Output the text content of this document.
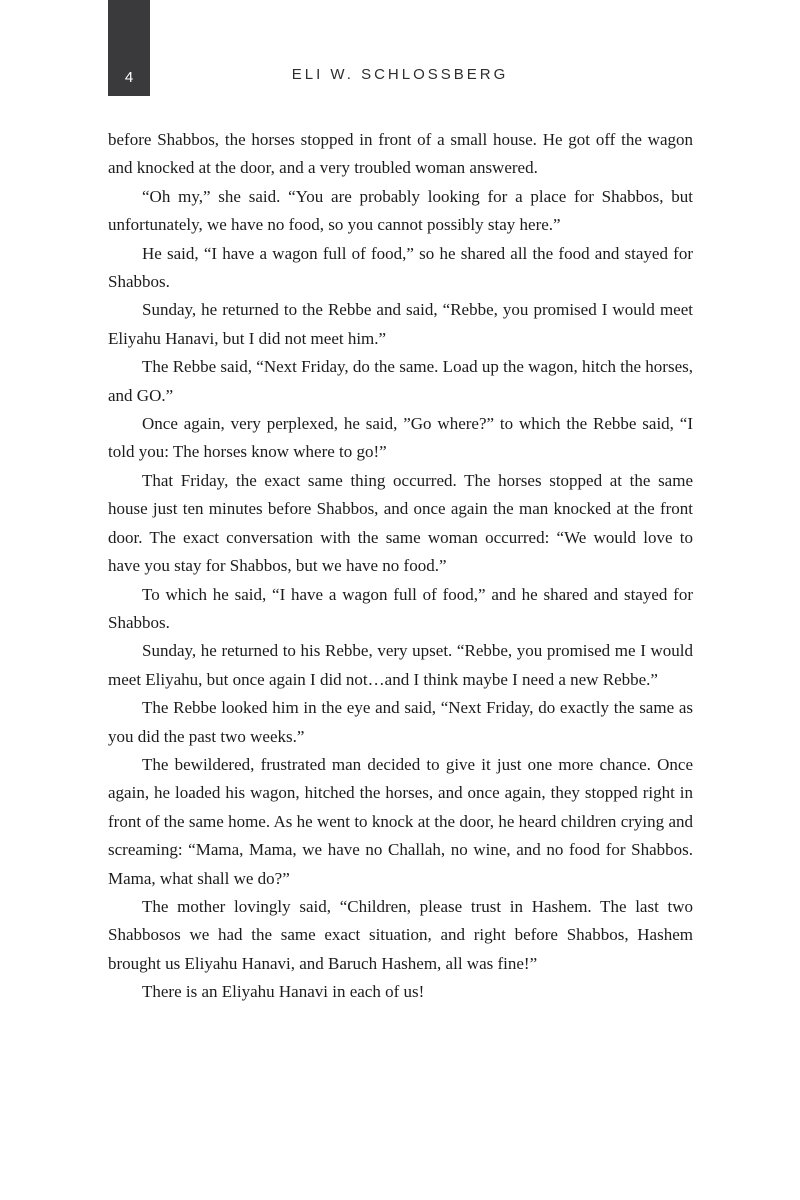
4	ELI W. SCHLOSSBERG

before Shabbos, the horses stopped in front of a small house. He got off the wagon and knocked at the door, and a very troubled woman answered.

“Oh my,” she said. “You are probably looking for a place for Shabbos, but unfortunately, we have no food, so you cannot possibly stay here.”

He said, “I have a wagon full of food,” so he shared all the food and stayed for Shabbos.

Sunday, he returned to the Rebbe and said, “Rebbe, you promised I would meet Eliyahu Hanavi, but I did not meet him.”

The Rebbe said, “Next Friday, do the same. Load up the wagon, hitch the horses, and GO.”

Once again, very perplexed, he said, ”Go where?” to which the Rebbe said, “I told you: The horses know where to go!”

That Friday, the exact same thing occurred. The horses stopped at the same house just ten minutes before Shabbos, and once again the man knocked at the front door. The exact conversation with the same woman occurred: “We would love to have you stay for Shabbos, but we have no food.”

To which he said, “I have a wagon full of food,” and he shared and stayed for Shabbos.

Sunday, he returned to his Rebbe, very upset. “Rebbe, you promised me I would meet Eliyahu, but once again I did not…and I think maybe I need a new Rebbe.”

The Rebbe looked him in the eye and said, “Next Friday, do exactly the same as you did the past two weeks.”

The bewildered, frustrated man decided to give it just one more chance. Once again, he loaded his wagon, hitched the horses, and once again, they stopped right in front of the same home. As he went to knock at the door, he heard children crying and screaming: “Mama, Mama, we have no Challah, no wine, and no food for Shabbos. Mama, what shall we do?”

The mother lovingly said, “Children, please trust in Hashem. The last two Shabbosos we had the same exact situation, and right before Shabbos, Hashem brought us Eliyahu Hanavi, and Baruch Hashem, all was fine!”

There is an Eliyahu Hanavi in each of us!
